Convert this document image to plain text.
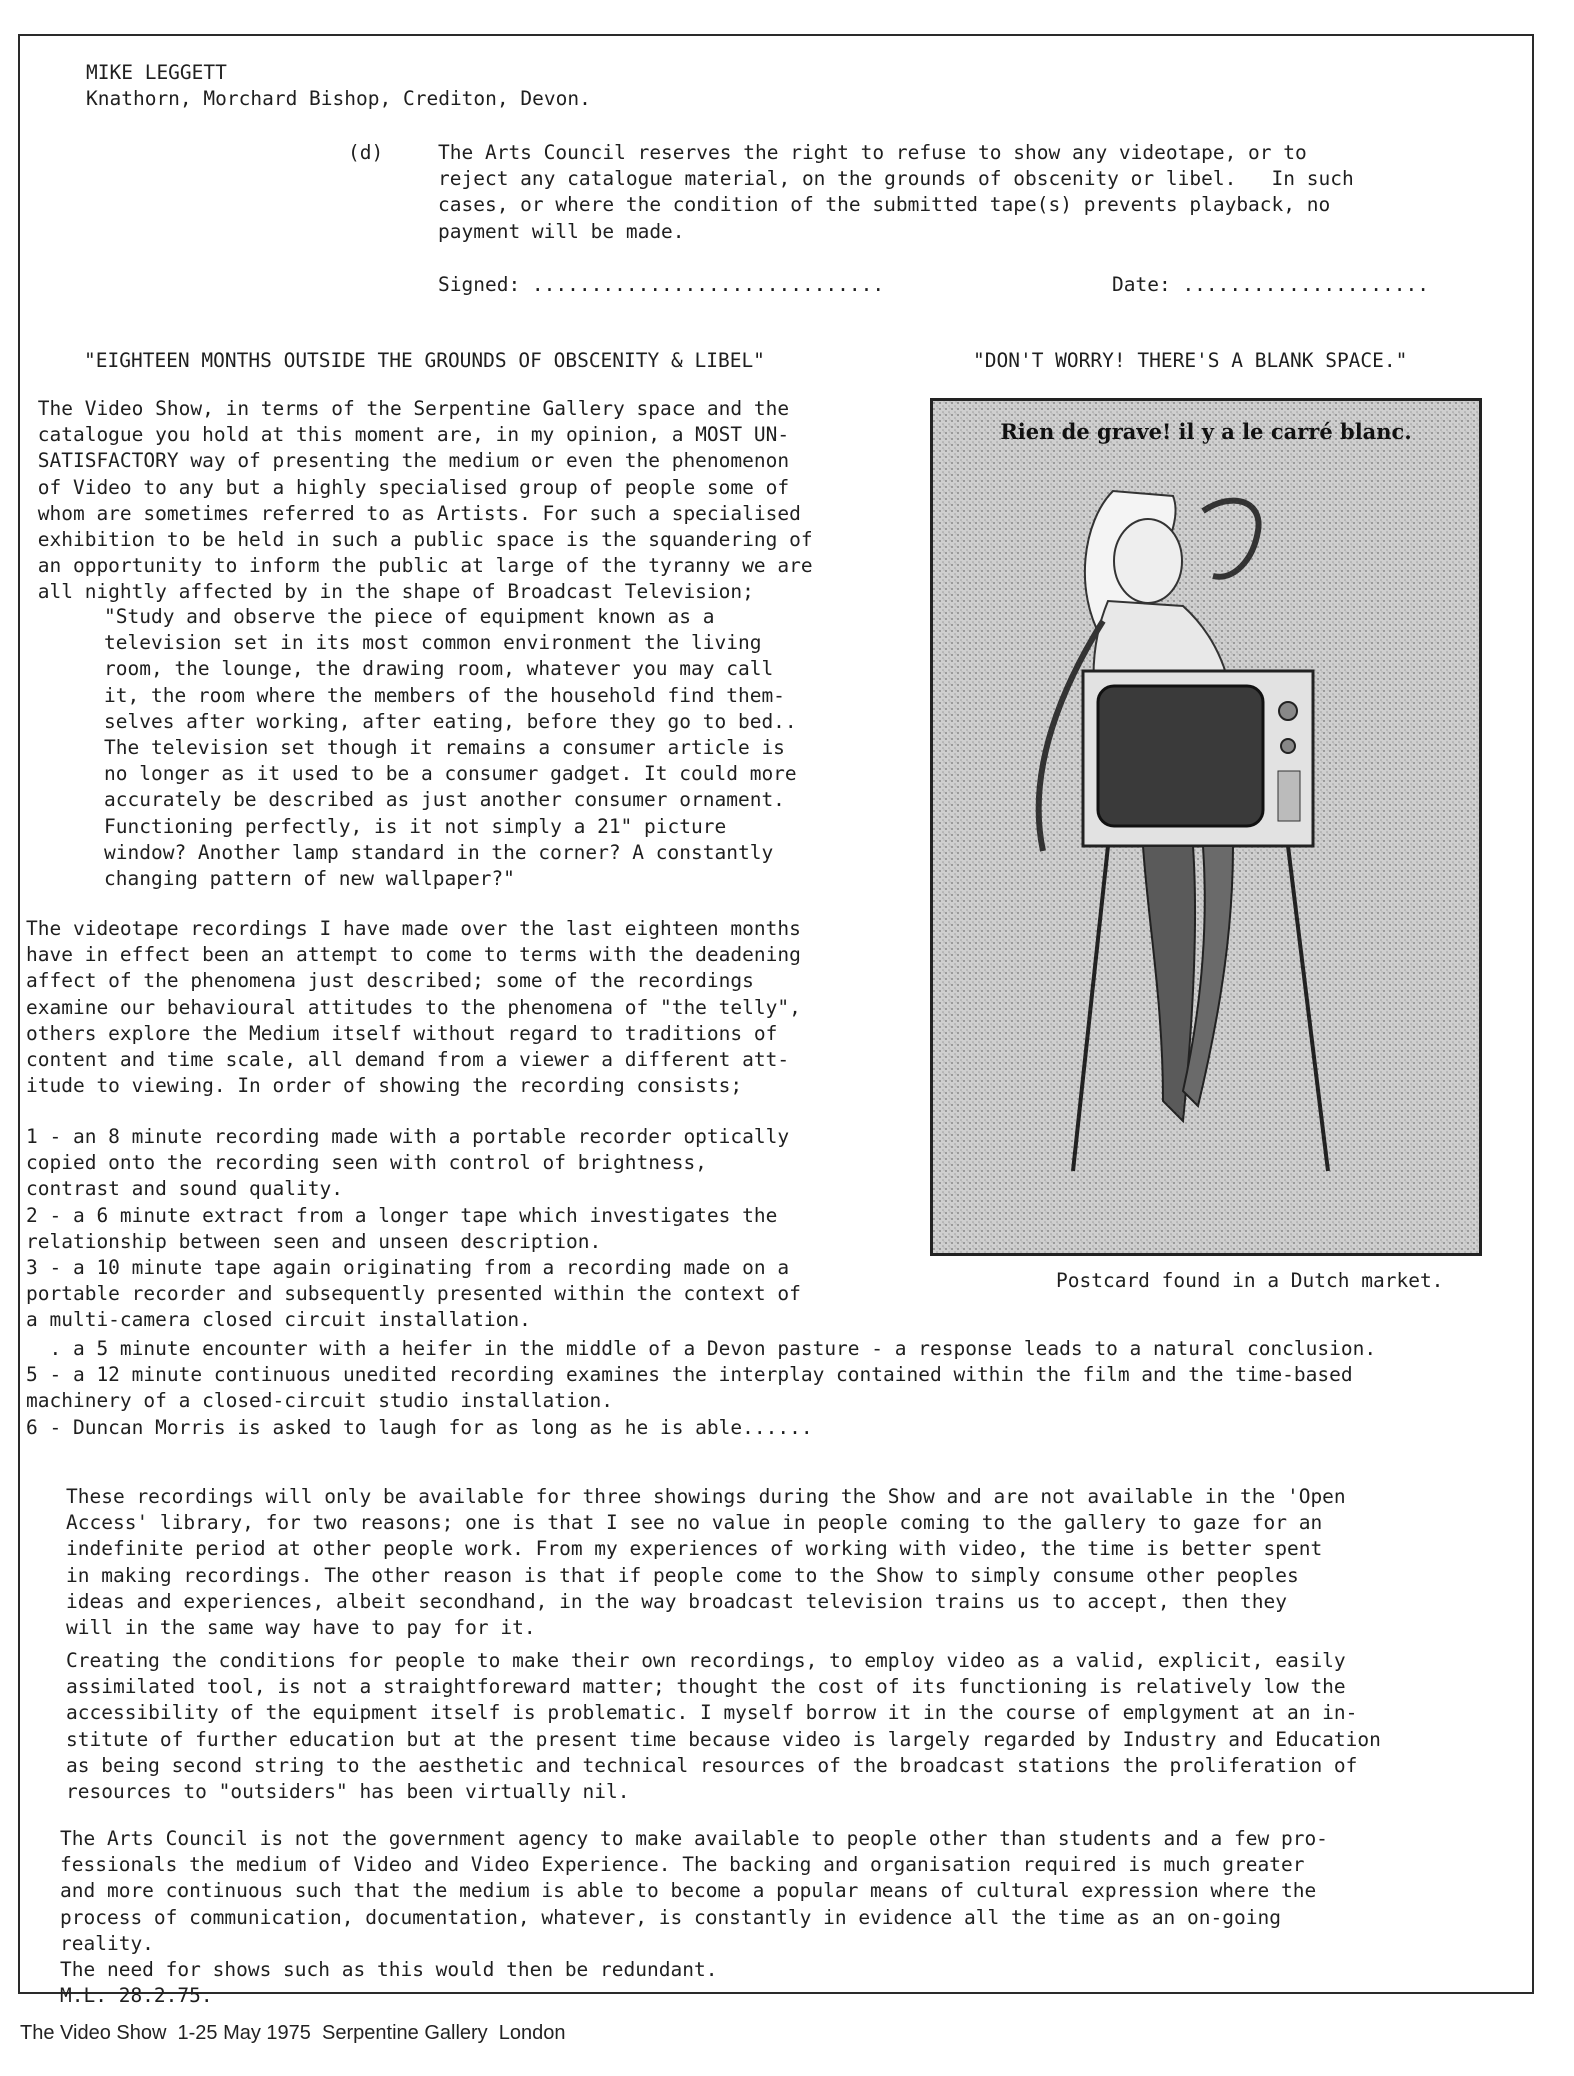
MIKE LEGGETT
Knathorn, Morchard Bishop, Crediton, Devon.
(d)	The Arts Council reserves the right to refuse to show any videotape, or to
reject any catalogue material, on the grounds of obscenity or libel.   In such
cases, or where the condition of the submitted tape(s) prevents playback, no
payment will be made.
Signed: ..............................	Date: .....................
"EIGHTEEN MONTHS OUTSIDE THE GROUNDS OF OBSCENITY & LIBEL"	"DON'T WORRY! THERE'S A BLANK SPACE."
The Video Show, in terms of the Serpentine Gallery space and the
catalogue you hold at this moment are, in my opinion, a MOST UN-
SATISFACTORY way of presenting the medium or even the phenomenon
of Video to any but a highly specialised group of people some of
whom are sometimes referred to as Artists. For such a specialised
exhibition to be held in such a public space is the squandering of
an opportunity to inform the public at large of the tyranny we are
all nightly affected by in the shape of Broadcast Television;
"Study and observe the piece of equipment known as a
television set in its most common environment the living
room, the lounge, the drawing room, whatever you may call
it, the room where the members of the household find them-
selves after working, after eating, before they go to bed..
The television set though it remains a consumer article is
no longer as it used to be a consumer gadget. It could more
accurately be described as just another consumer ornament.
Functioning perfectly, is it not simply a 21" picture
window? Another lamp standard in the corner? A constantly
changing pattern of new wallpaper?"
The videotape recordings I have made over the last eighteen months
have in effect been an attempt to come to terms with the deadening
affect of the phenomena just described; some of the recordings
examine our behavioural attitudes to the phenomena of "the telly",
others explore the Medium itself without regard to traditions of
content and time scale, all demand from a viewer a different att-
itude to viewing. In order of showing the recording consists;
1 - an 8 minute recording made with a portable recorder optically
copied onto the recording seen with control of brightness,
contrast and sound quality.
2 - a 6 minute extract from a longer tape which investigates the
relationship between seen and unseen description.
3 - a 10 minute tape again originating from a recording made on a
portable recorder and subsequently presented within the context of
a multi-camera closed circuit installation.
. a 5 minute encounter with a heifer in the middle of a Devon pasture - a response leads to a natural conclusion.
5 - a 12 minute continuous unedited recording examines the interplay contained within the film and the time-based
machinery of a closed-circuit studio installation.
6 - Duncan Morris is asked to laugh for as long as he is able......
Rien de grave! il y a le carré blanc.
Postcard found in a Dutch market.
These recordings will only be available for three showings during the Show and are not available in the 'Open
Access' library, for two reasons; one is that I see no value in people coming to the gallery to gaze for an
indefinite period at other people work. From my experiences of working with video, the time is better spent
in making recordings. The other reason is that if people come to the Show to simply consume other peoples
ideas and experiences, albeit secondhand, in the way broadcast television trains us to accept, then they
will in the same way have to pay for it.
Creating the conditions for people to make their own recordings, to employ video as a valid, explicit, easily
assimilated tool, is not a straightforeward matter; thought the cost of its functioning is relatively low the
accessibility of the equipment itself is problematic. I myself borrow it in the course of emplgyment at an in-
stitute of further education but at the present time because video is largely regarded by Industry and Education
as being second string to the aesthetic and technical resources of the broadcast stations the proliferation of
resources to "outsiders" has been virtually nil.
The Arts Council is not the government agency to make available to people other than students and a few pro-
fessionals the medium of Video and Video Experience. The backing and organisation required is much greater
and more continuous such that the medium is able to become a popular means of cultural expression where the
process of communication, documentation, whatever, is constantly in evidence all the time as an on-going
reality.
The need for shows such as this would then be redundant.
M.L. 28.2.75.
The Video Show  1-25 May 1975  Serpentine Gallery  London
